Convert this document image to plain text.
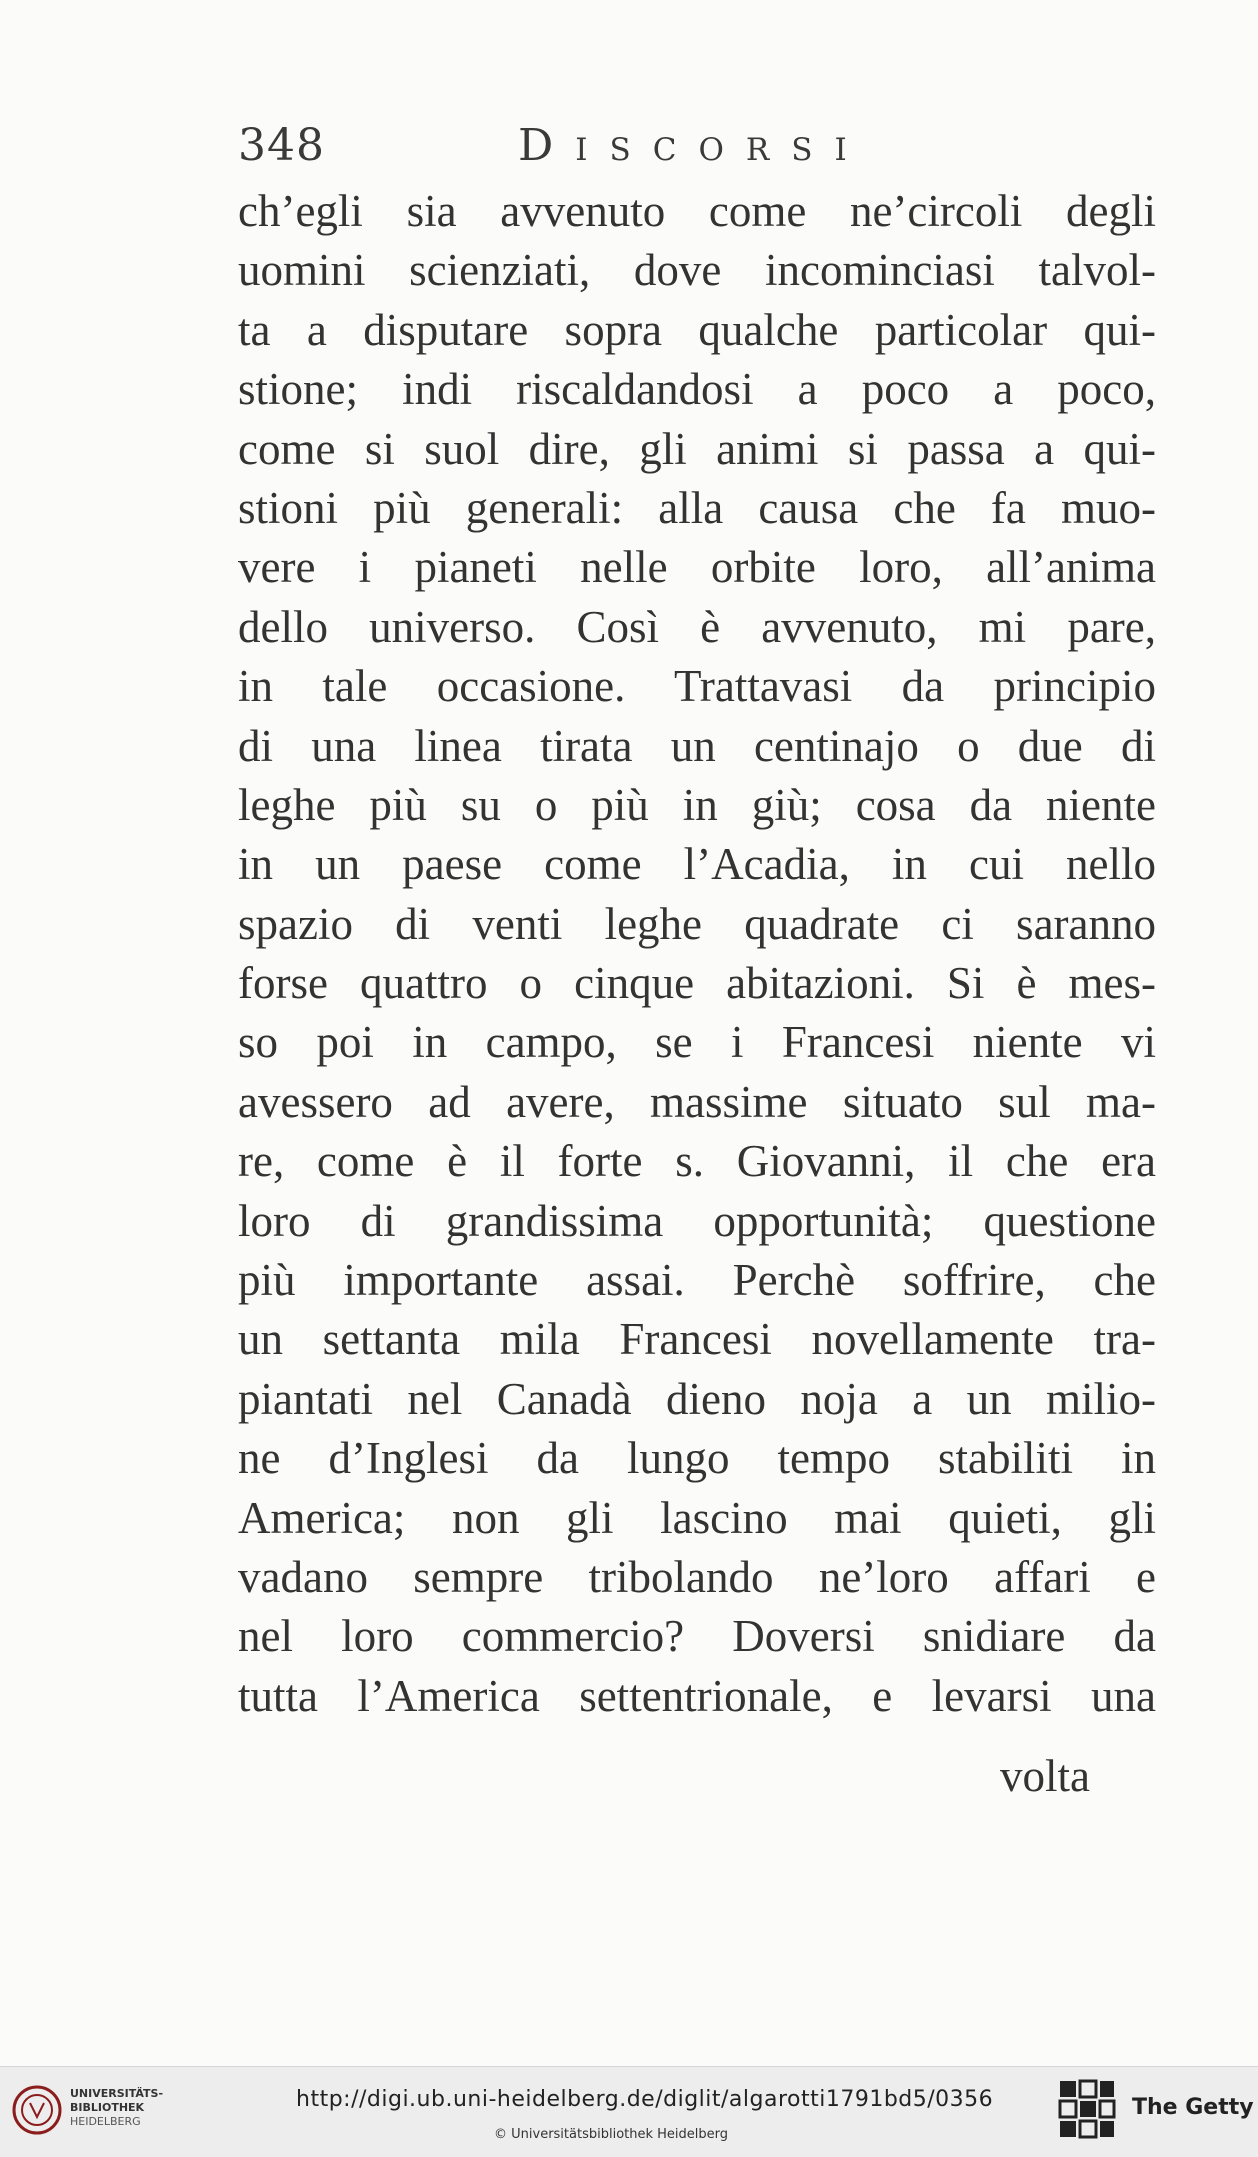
348	Discorsi
ch’egli sia avvenuto come ne’circoli degli
uomini scienziati, dove incominciasi talvol-
ta a disputare sopra qualche particolar qui-
stione; indi riscaldandosi a poco a poco,
come si suol dire, gli animi si passa a qui-
stioni più generali: alla causa che fa muo-
vere i pianeti nelle orbite loro, all’anima
dello universo. Così è avvenuto, mi pare,
in tale occasione. Trattavasi da principio
di una linea tirata un centinajo o due di
leghe più su o più in giù; cosa da niente
in un paese come l’Acadia, in cui nello
spazio di venti leghe quadrate ci saranno
forse quattro o cinque abitazioni. Si è mes-
so poi in campo, se i Francesi niente vi
avessero ad avere, massime situato sul ma-
re, come è il forte s. Giovanni, il che era
loro di grandissima opportunità; questione
più importante assai. Perchè soffrire, che
un settanta mila Francesi novellamente tra-
piantati nel Canadà dieno noja a un milio-
ne d’Inglesi da lungo tempo stabiliti in
America; non gli lascino mai quieti, gli
vadano sempre tribolando ne’loro affari e
nel loro commercio? Doversi snidiare da
tutta l’America settentrionale, e levarsi una
volta
UNIVERSITÄTS-
BIBLIOTHEK
HEIDELBERG
http://digi.ub.uni-heidelberg.de/diglit/algarotti1791bd5/0356
© Universitätsbibliothek Heidelberg
The Getty
